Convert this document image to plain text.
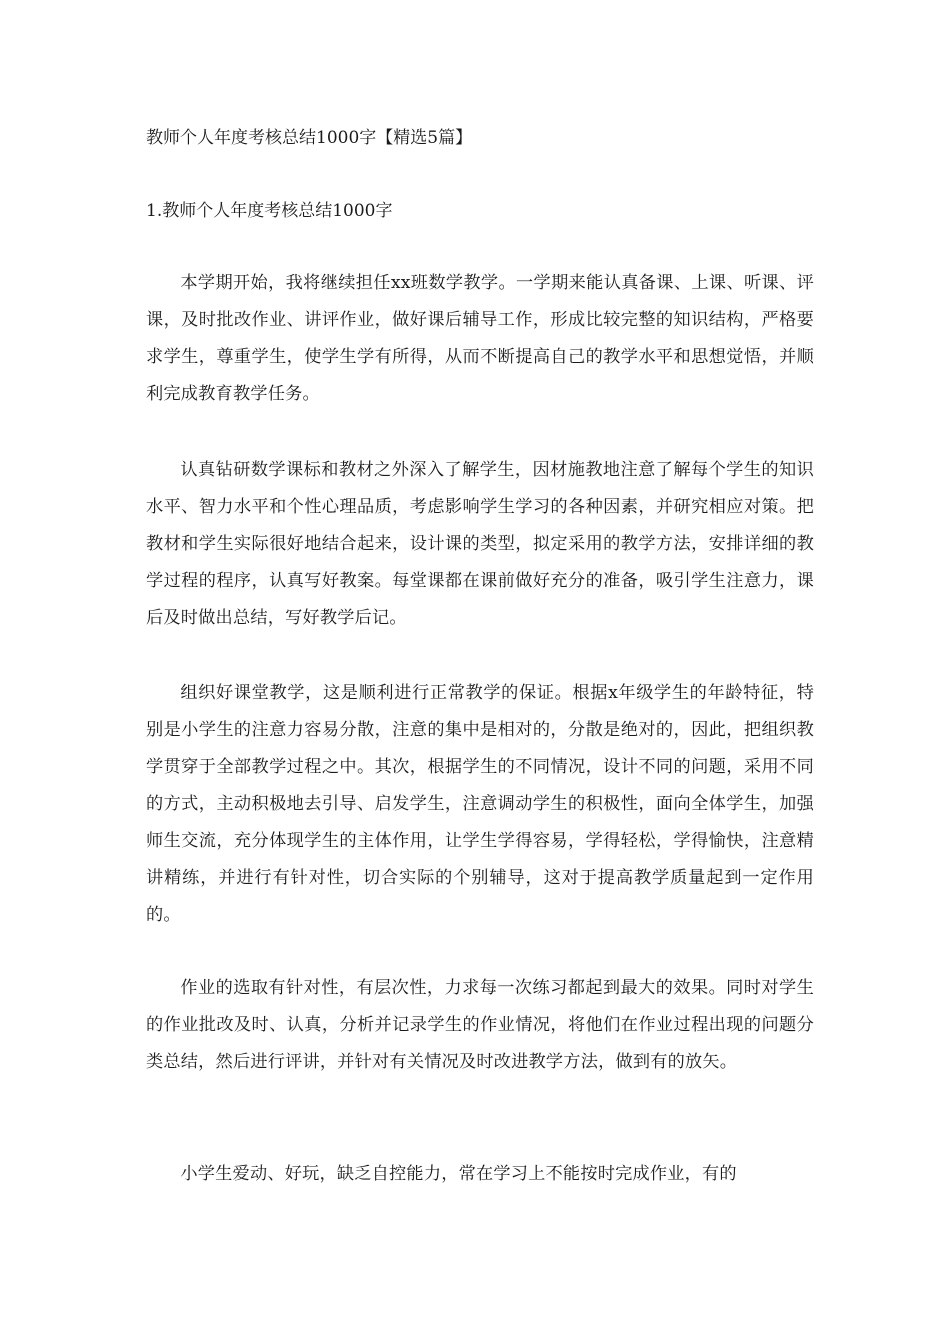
教师个人年度考核总结1000字【精选5篇】
1.教师个人年度考核总结1000字

本学期开始，我将继续担任xx班数学教学。一学期来能认真备课、上课、听课、评课，及时批改作业、讲评作业，做好课后辅导工作，形成比较完整的知识结构，严格要求学生，尊重学生，使学生学有所得，从而不断提高自己的教学水平和思想觉悟，并顺利完成教育教学任务。

认真钻研数学课标和教材之外深入了解学生，因材施教地注意了解每个学生的知识水平、智力水平和个性心理品质，考虑影响学生学习的各种因素，并研究相应对策。把教材和学生实际很好地结合起来，设计课的类型，拟定采用的教学方法，安排详细的教学过程的程序，认真写好教案。每堂课都在课前做好充分的准备，吸引学生注意力，课后及时做出总结，写好教学后记。

组织好课堂教学，这是顺利进行正常教学的保证。根据x年级学生的年龄特征，特别是小学生的注意力容易分散，注意的集中是相对的，分散是绝对的，因此，把组织教学贯穿于全部教学过程之中。其次，根据学生的不同情况，设计不同的问题，采用不同的方式，主动积极地去引导、启发学生，注意调动学生的积极性，面向全体学生，加强师生交流，充分体现学生的主体作用，让学生学得容易，学得轻松，学得愉快，注意精讲精练，并进行有针对性，切合实际的个别辅导，这对于提高教学质量起到一定作用的。

作业的选取有针对性，有层次性，力求每一次练习都起到最大的效果。同时对学生的作业批改及时、认真，分析并记录学生的作业情况，将他们在作业过程出现的问题分类总结，然后进行评讲，并针对有关情况及时改进教学方法，做到有的放矢。

小学生爱动、好玩，缺乏自控能力，常在学习上不能按时完成作业，有的
